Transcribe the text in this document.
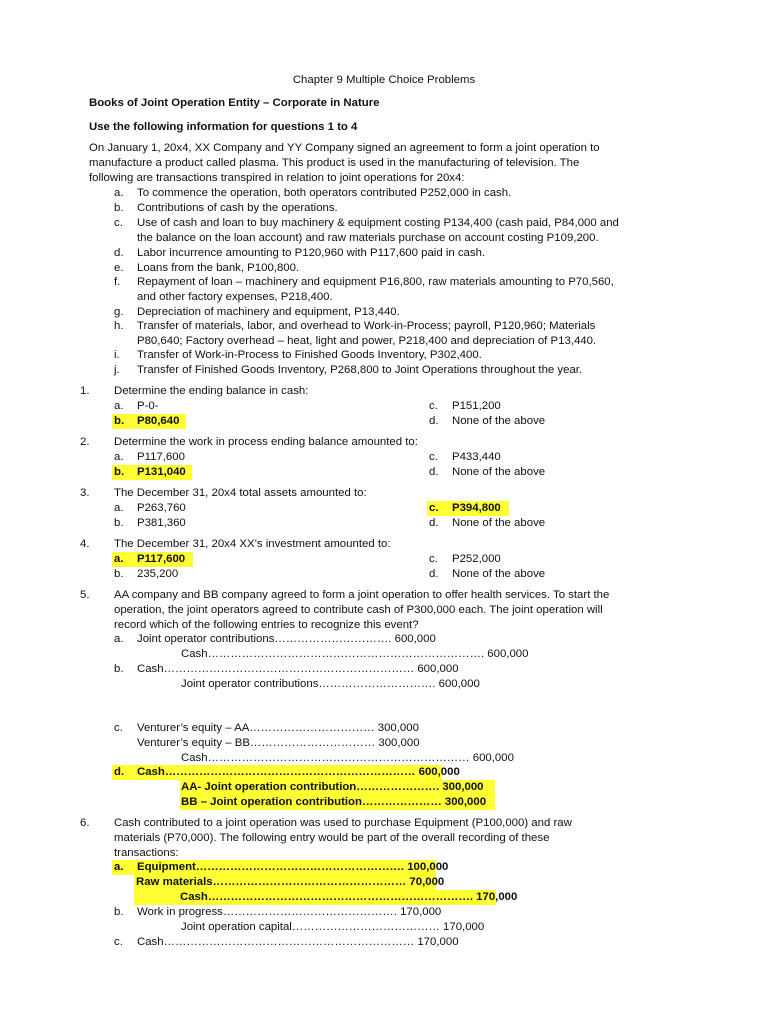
Chapter 9 Multiple Choice Problems
Books of Joint Operation Entity – Corporate in Nature
Use the following information for questions 1 to 4
On January 1, 20x4, XX Company and YY Company signed an agreement to form a joint operation to
manufacture a product called plasma. This product is used in the manufacturing of television. The
following are transactions transpired in relation to joint operations for 20x4:
a. To commence the operation, both operators contributed P252,000 in cash.
b. Contributions of cash by the operations.
c. Use of cash and loan to buy machinery & equipment costing P134,400 (cash paid, P84,000 and
the balance on the loan account) and raw materials purchase on account costing P109,200.
d. Labor incurrence amounting to P120,960 with P117,600 paid in cash.
e. Loans from the bank, P100,800.
f. Repayment of loan – machinery and equipment P16,800, raw materials amounting to P70,560,
and other factory expenses, P218,400.
g. Depreciation of machinery and equipment, P13,440.
h. Transfer of materials, labor, and overhead to Work-in-Process; payroll, P120,960; Materials
P80,640; Factory overhead – heat, light and power, P218,400 and depreciation of P13,440.
i. Transfer of Work-in-Process to Finished Goods Inventory, P302,400.
j. Transfer of Finished Goods Inventory, P268,800 to Joint Operations throughout the year.
1. Determine the ending balance in cash:
a. P-0-
b. P80,640
c. P151,200
d. None of the above
2. Determine the work in process ending balance amounted to:
a. P117,600
b. P131,040
c. P433,440
d. None of the above
3. The December 31, 20x4 total assets amounted to:
a. P263,760
b. P381,360
c. P394,800
d. None of the above
4. The December 31, 20x4 XX’s investment amounted to:
a. P117,600
b. 235,200
c. P252,000
d. None of the above
5. AA company and BB company agreed to form a joint operation to offer health services. To start the
operation, the joint operators agreed to contribute cash of P300,000 each. The joint operation will
record which of the following entries to recognize this event?
a. Joint operator contributions…………………………. 600,000
Cash………………………………………………………………. 600,000
b. Cash………………………………………………………… 600,000
Joint operator contributions…………………………. 600,000
c. Venturer’s equity – AA…………………………… 300,000
Venturer’s equity – BB…………………………… 300,000
Cash…………………………………………………………… 600,000
d. Cash………………………………………………………… 600,000
AA- Joint operation contribution…………………. 300,000
BB – Joint operation contribution………………… 300,000
6. Cash contributed to a joint operation was used to purchase Equipment (P100,000) and raw
materials (P70,000). The following entry would be part of the overall recording of these
transactions:
a. Equipment………………………………………………. 100,000
Raw materials…………………………………………… 70,000
Cash……………………………………………………………. 170,000
b. Work in progress………………………………………. 170,000
Joint operation capital………………………………… 170,000
c. Cash………………………………………………………… 170,000
